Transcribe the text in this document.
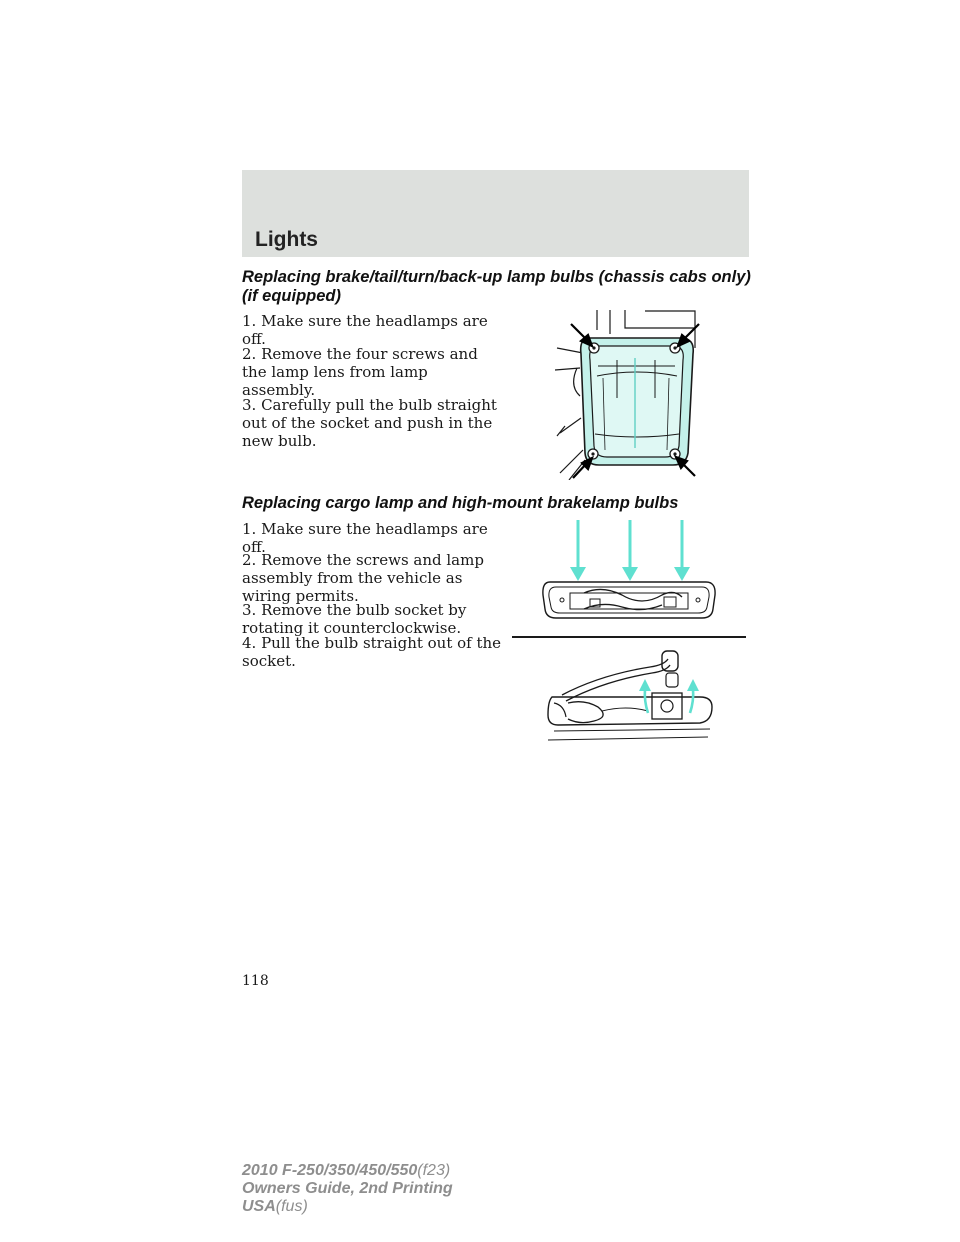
Lights
Replacing brake/tail/turn/back-up lamp bulbs (chassis cabs only)
(if equipped)

1. Make sure the headlamps are off.

2. Remove the four screws and the lamp lens from lamp assembly.

3. Carefully pull the bulb straight out of the socket and push in the new bulb.

Replacing cargo lamp and high-mount brakelamp bulbs

1. Make sure the headlamps are off.

2. Remove the screws and lamp assembly from the vehicle as wiring permits.

3. Remove the bulb socket by rotating it counterclockwise.

4. Pull the bulb straight out of the socket.

118
2010 F-250/350/450/550(f23)
Owners Guide, 2nd Printing
USA(fus)
